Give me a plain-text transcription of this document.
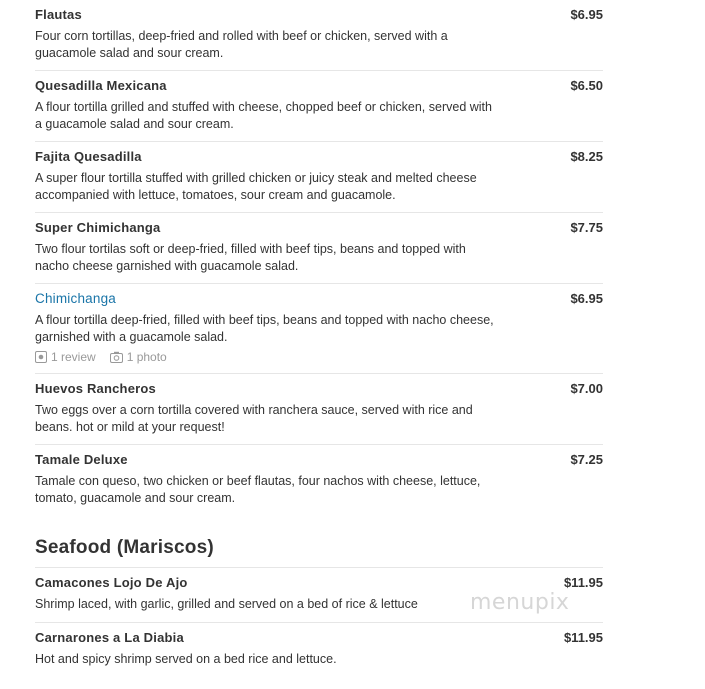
Flautas	$6.95
Four corn tortillas, deep-fried and rolled with beef or chicken, served with a guacamole salad and sour cream.
Quesadilla Mexicana	$6.50
A flour tortilla grilled and stuffed with cheese, chopped beef or chicken, served with a guacamole salad and sour cream.
Fajita Quesadilla	$8.25
A super flour tortilla stuffed with grilled chicken or juicy steak and melted cheese accompanied with lettuce, tomatoes, sour cream and guacamole.
Super Chimichanga	$7.75
Two flour tortilas soft or deep-fried, filled with beef tips, beans and topped with nacho cheese garnished with guacamole salad.
Chimichanga	$6.95
A flour tortilla deep-fried, filled with beef tips, beans and topped with nacho cheese, garnished with a guacamole salad.
1 review	1 photo
Huevos Rancheros	$7.00
Two eggs over a corn tortilla covered with ranchera sauce, served with rice and beans. hot or mild at your request!
Tamale Deluxe	$7.25
Tamale con queso, two chicken or beef flautas, four nachos with cheese, lettuce, tomato, guacamole and sour cream.
Seafood (Mariscos)
Camacones Lojo De Ajo	$11.95
Shrimp laced, with garlic, grilled and served on a bed of rice & lettuce
Carnarones a La Diabia	$11.95
Hot and spicy shrimp served on a bed rice and lettuce.
menupix
